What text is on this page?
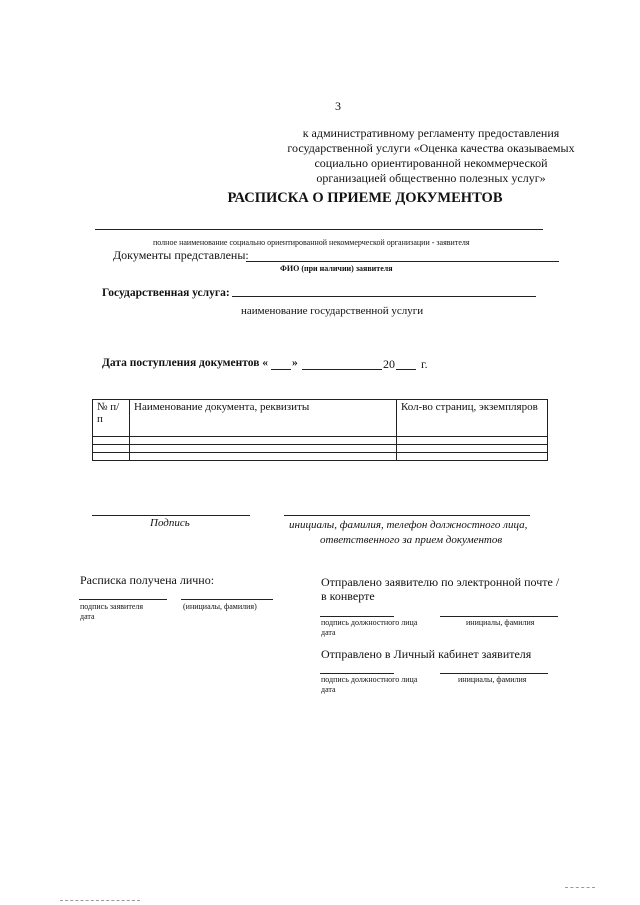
3
к административному регламенту предоставления
государственной услуги «Оценка качества оказываемых
социально ориентированной некоммерческой
организацией общественно полезных услуг»
РАСПИСКА О ПРИЕМЕ ДОКУМЕНТОВ
полное наименование социально ориентированной некоммерческой организации - заявителя
Документы представлены:
ФИО (при наличии) заявителя
Государственная услуга:
наименование государственной услуги
Дата поступления документов « »	20 г.
№ п/п	Наименование документа, реквизиты	Кол-во страниц, экземпляров

Подпись	инициалы, фамилия, телефон должностного лица,
ответственного за прием документов
Расписка получена лично:
подпись заявителя	(инициалы, фамилия)
дата
Отправлено заявителю по электронной почте /
в конверте
подпись должностного лица	инициалы, фамилия
дата
Отправлено в Личный кабинет заявителя
подпись должностного лица	инициалы, фамилия
дата
